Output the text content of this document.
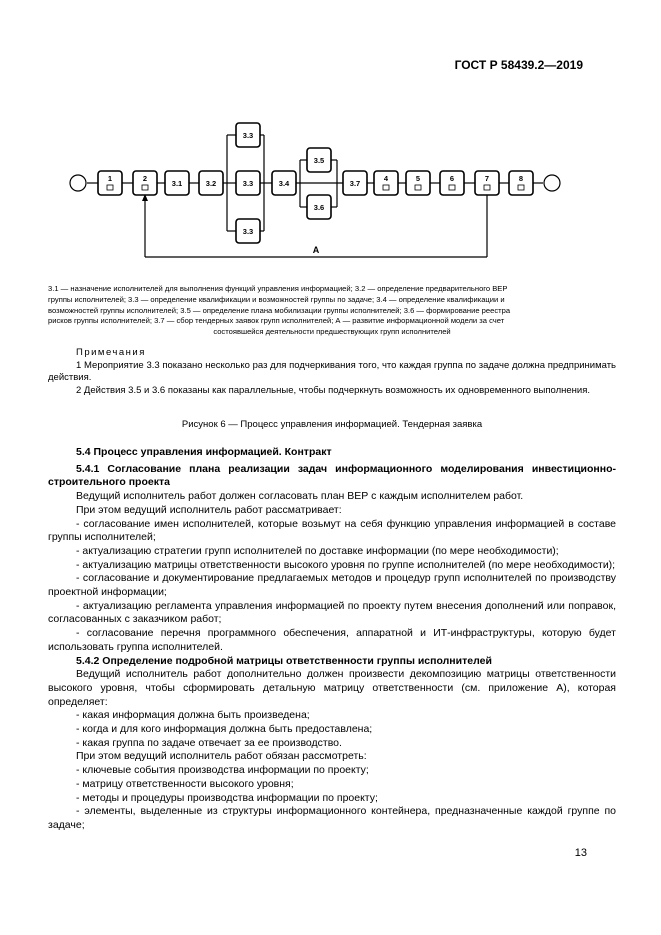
ГОСТ Р 58439.2—2019
1	2
3.1	3.2
3.3
3.3
3.3
3.4
3.5
3.6
3.7
4	5	6	7	8
А

3.1 — назначение исполнителей для выполнения функций управления информацией; 3.2 — определение предварительного ВЕР

группы исполнителей; 3.3 — определение квалификации и возможностей группы по задаче; 3.4 — определение квалификации и

возможностей группы исполнителей; 3.5 — определение плана мобилизации группы исполнителей; 3.6 — формирование реестра

рисков группы исполнителей; 3.7 — сбор тендерных заявок групп исполнителей; А — развитие информационной модели за счет

состоявшейся деятельности предшествующих групп исполнителей

Примечания

1 Мероприятие 3.3 показано несколько раз для подчеркивания того, что каждая группа по задаче должна предпринимать действия.

2 Действия 3.5 и 3.6 показаны как параллельные, чтобы подчеркнуть возможность их одновременного выполнения.

Рисунок 6 — Процесс управления информацией. Тендерная заявка

5.4 Процесс управления информацией. Контракт

5.4.1 Согласование плана реализации задач информационного моделирования инвестиционно-строительного проекта

Ведущий исполнитель работ должен согласовать план ВЕР с каждым исполнителем работ.

При этом ведущий исполнитель работ рассматривает:

- согласование имен исполнителей, которые возьмут на себя функцию управления информацией в составе группы исполнителей;

- актуализацию стратегии групп исполнителей по доставке информации (по мере необходимости);

- актуализацию матрицы ответственности высокого уровня по группе исполнителей (по мере необходимости);

- согласование и документирование предлагаемых методов и процедур групп исполнителей по производству проектной информации;

- актуализацию регламента управления информацией по проекту путем внесения дополнений или поправок, согласованных с заказчиком работ;

- согласование перечня программного обеспечения, аппаратной и ИТ-инфраструктуры, которую будет использовать группа исполнителей.

5.4.2 Определение подробной матрицы ответственности группы исполнителей

Ведущий исполнитель работ дополнительно должен произвести декомпозицию матрицы ответственности высокого уровня, чтобы сформировать детальную матрицу ответственности (см. приложение А), которая определяет:

- какая информация должна быть произведена;

- когда и для кого информация должна быть предоставлена;

- какая группа по задаче отвечает за ее производство.

При этом ведущий исполнитель работ обязан рассмотреть:

- ключевые события производства информации по проекту;

- матрицу ответственности высокого уровня;

- методы и процедуры производства информации по проекту;

- элементы, выделенные из структуры информационного контейнера, предназначенные каждой группе по задаче;

13
